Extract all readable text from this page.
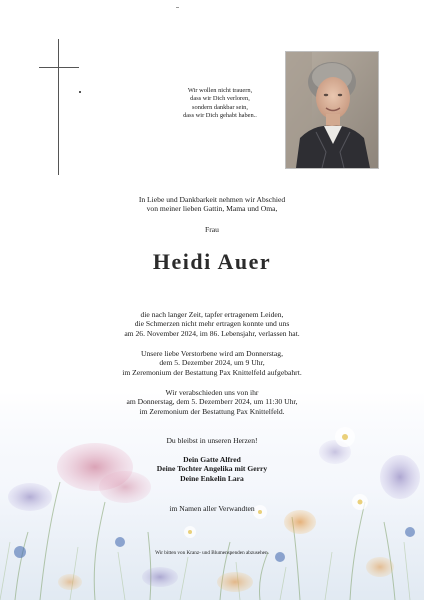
Wir wollen nicht trauern,
dass wir Dich verloren,
sondern dankbar sein,
dass wir Dich gehabt haben..
In Liebe und Dankbarkeit nehmen wir Abschied
von meiner lieben Gattin, Mama und Oma,
Frau
Heidi Auer
die nach langer Zeit, tapfer ertragenem Leiden,
die Schmerzen nicht mehr ertragen konnte und uns
am 26. November 2024, im 86. Lebensjahr, verlassen hat.
Unsere liebe Verstorbene wird am Donnerstag,
dem 5. Dezember 2024, um 9 Uhr,
im Zeremonium der Bestattung Pax Knittelfeld aufgebahrt.
Wir verabschieden uns von ihr
am Donnerstag, dem 5. Dezemberr 2024, um 11:30 Uhr,
im Zeremonium der Bestattung Pax Knittelfeld.
Du bleibst in unseren Herzen!
Dein Gatte Alfred
Deine Tochter Angelika mit Gerry
Deine Enkelin Lara
im Namen aller Verwandten
Wir bitten von Kranz- und Blumenspenden abzusehen.
